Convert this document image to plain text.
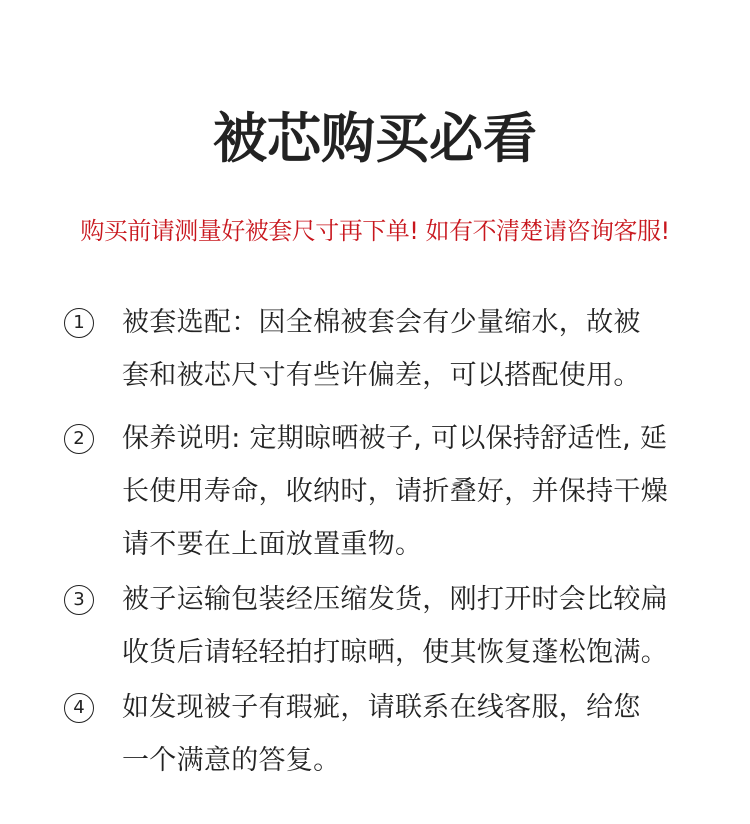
被芯购买必看
购买前请测量好被套尺寸再下单! 如有不清楚请咨询客服!
1	被套选配：因全棉被套会有少量缩水，故被
套和被芯尺寸有些许偏差，可以搭配使用。
2	保养说明: 定期晾晒被子, 可以保持舒适性, 延
长使用寿命，收纳时，请折叠好，并保持干燥
请不要在上面放置重物。
3	被子运输包装经压缩发货，刚打开时会比较扁
收货后请轻轻拍打晾晒，使其恢复蓬松饱满。
4	如发现被子有瑕疵，请联系在线客服，给您
一个满意的答复。
